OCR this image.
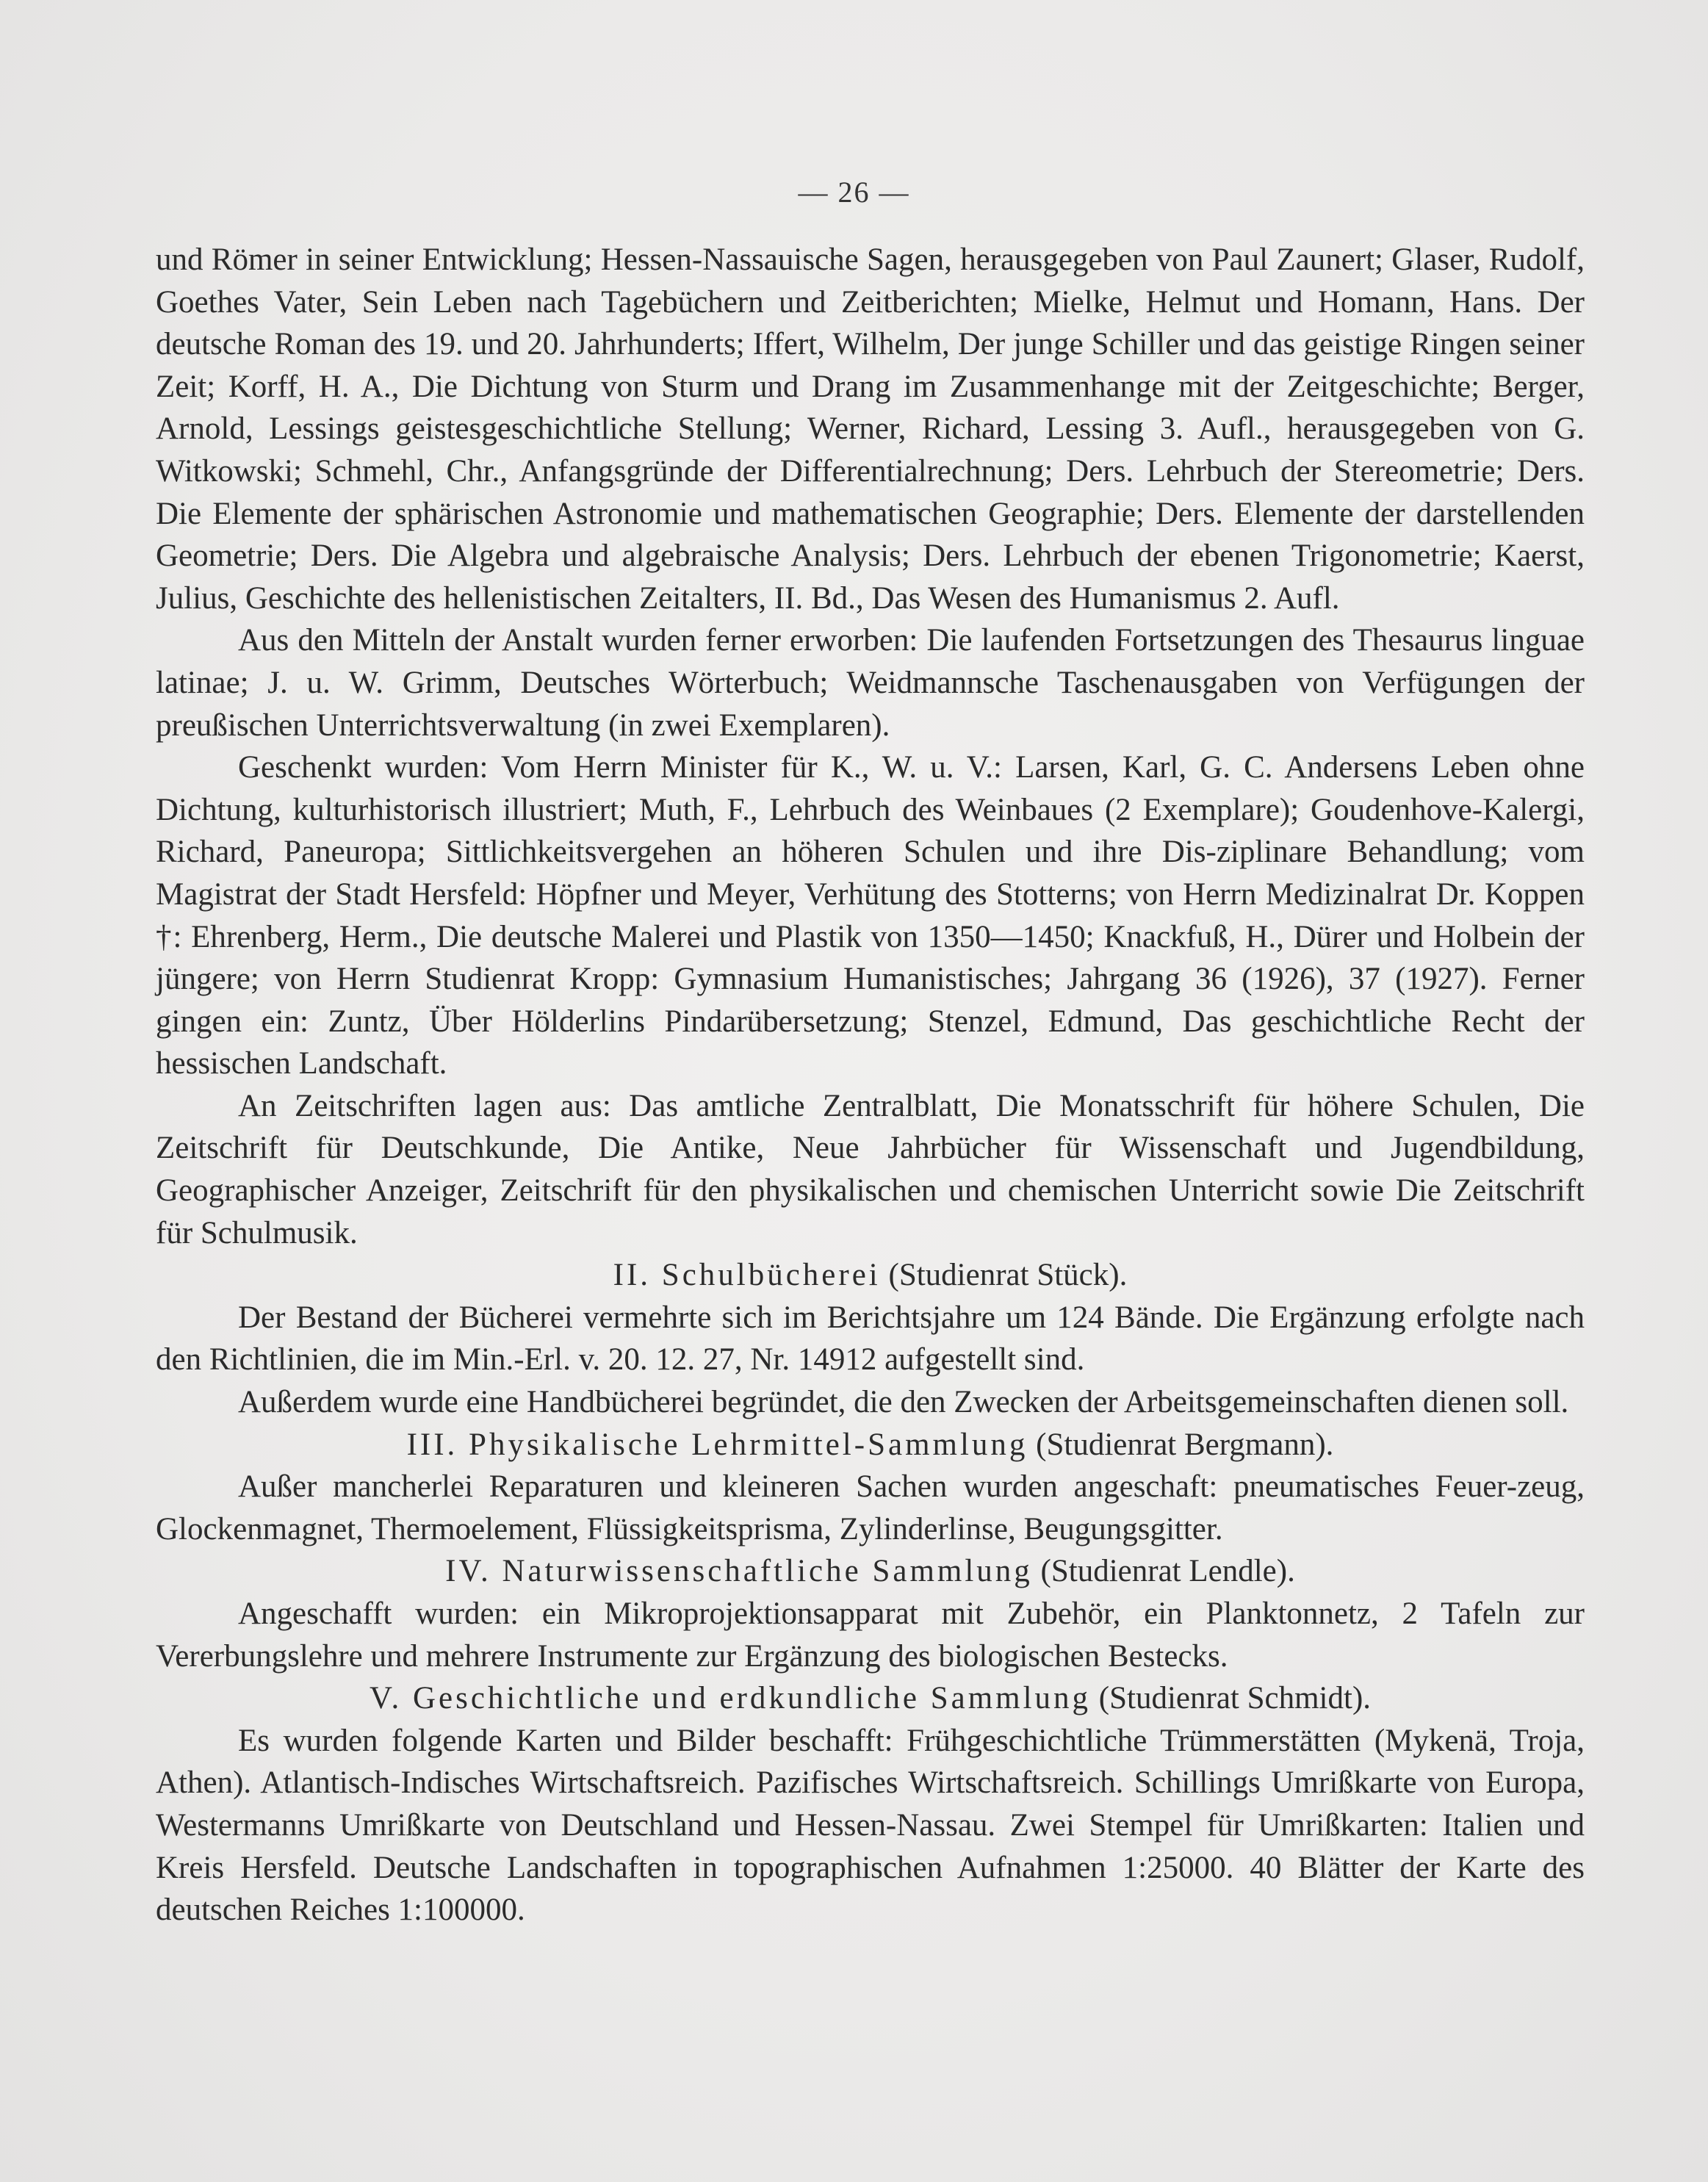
— 26 —

und Römer in seiner Entwicklung; Hessen-Nassauische Sagen, herausgegeben von Paul Zaunert; Glaser, Rudolf, Goethes Vater, Sein Leben nach Tagebüchern und Zeitberichten; Mielke, Helmut und Homann, Hans. Der deutsche Roman des 19. und 20. Jahrhunderts; Iffert, Wilhelm, Der junge Schiller und das geistige Ringen seiner Zeit; Korff, H. A., Die Dichtung von Sturm und Drang im Zusammenhange mit der Zeitgeschichte; Berger, Arnold, Lessings geistesgeschichtliche Stellung; Werner, Richard, Lessing 3. Aufl., herausgegeben von G. Witkowski; Schmehl, Chr., Anfangsgründe der Differentialrechnung; Ders. Lehrbuch der Stereometrie; Ders. Die Elemente der sphärischen Astronomie und mathematischen Geographie; Ders. Elemente der darstellenden Geometrie; Ders. Die Algebra und algebraische Analysis; Ders. Lehrbuch der ebenen Trigonometrie; Kaerst, Julius, Geschichte des hellenistischen Zeitalters, II. Bd., Das Wesen des Humanismus 2. Aufl.

Aus den Mitteln der Anstalt wurden ferner erworben: Die laufenden Fortsetzungen des Thesaurus linguae latinae; J. u. W. Grimm, Deutsches Wörterbuch; Weidmannsche Taschenausgaben von Verfügungen der preußischen Unterrichtsverwaltung (in zwei Exemplaren).

Geschenkt wurden: Vom Herrn Minister für K., W. u. V.: Larsen, Karl, G. C. Andersens Leben ohne Dichtung, kulturhistorisch illustriert; Muth, F., Lehrbuch des Weinbaues (2 Exemplare); Goudenhove-Kalergi, Richard, Paneuropa; Sittlichkeitsvergehen an höheren Schulen und ihre Dis-ziplinare Behandlung; vom Magistrat der Stadt Hersfeld: Höpfner und Meyer, Verhütung des Stotterns; von Herrn Medizinalrat Dr. Koppen †: Ehrenberg, Herm., Die deutsche Malerei und Plastik von 1350—1450; Knackfuß, H., Dürer und Holbein der jüngere; von Herrn Studienrat Kropp: Gymnasium Humanistisches; Jahrgang 36 (1926), 37 (1927). Ferner gingen ein: Zuntz, Über Hölderlins Pindarübersetzung; Stenzel, Edmund, Das geschichtliche Recht der hessischen Landschaft.

An Zeitschriften lagen aus: Das amtliche Zentralblatt, Die Monatsschrift für höhere Schulen, Die Zeitschrift für Deutschkunde, Die Antike, Neue Jahrbücher für Wissenschaft und Jugendbildung, Geographischer Anzeiger, Zeitschrift für den physikalischen und chemischen Unterricht sowie Die Zeitschrift für Schulmusik.

II. Schulbücherei (Studienrat Stück).

Der Bestand der Bücherei vermehrte sich im Berichtsjahre um 124 Bände. Die Ergänzung erfolgte nach den Richtlinien, die im Min.-Erl. v. 20. 12. 27, Nr. 14912 aufgestellt sind.

Außerdem wurde eine Handbücherei begründet, die den Zwecken der Arbeitsgemeinschaften dienen soll.

III. Physikalische Lehrmittel-Sammlung (Studienrat Bergmann).

Außer mancherlei Reparaturen und kleineren Sachen wurden angeschaft: pneumatisches Feuer-zeug, Glockenmagnet, Thermoelement, Flüssigkeitsprisma, Zylinderlinse, Beugungsgitter.

IV. Naturwissenschaftliche Sammlung (Studienrat Lendle).

Angeschafft wurden: ein Mikroprojektionsapparat mit Zubehör, ein Planktonnetz, 2 Tafeln zur Vererbungslehre und mehrere Instrumente zur Ergänzung des biologischen Bestecks.

V. Geschichtliche und erdkundliche Sammlung (Studienrat Schmidt).

Es wurden folgende Karten und Bilder beschafft: Frühgeschichtliche Trümmerstätten (Mykenä, Troja, Athen). Atlantisch-Indisches Wirtschaftsreich. Pazifisches Wirtschaftsreich. Schillings Umrißkarte von Europa, Westermanns Umrißkarte von Deutschland und Hessen-Nassau. Zwei Stempel für Umrißkarten: Italien und Kreis Hersfeld. Deutsche Landschaften in topographischen Aufnahmen 1:25000. 40 Blätter der Karte des deutschen Reiches 1:100000.
